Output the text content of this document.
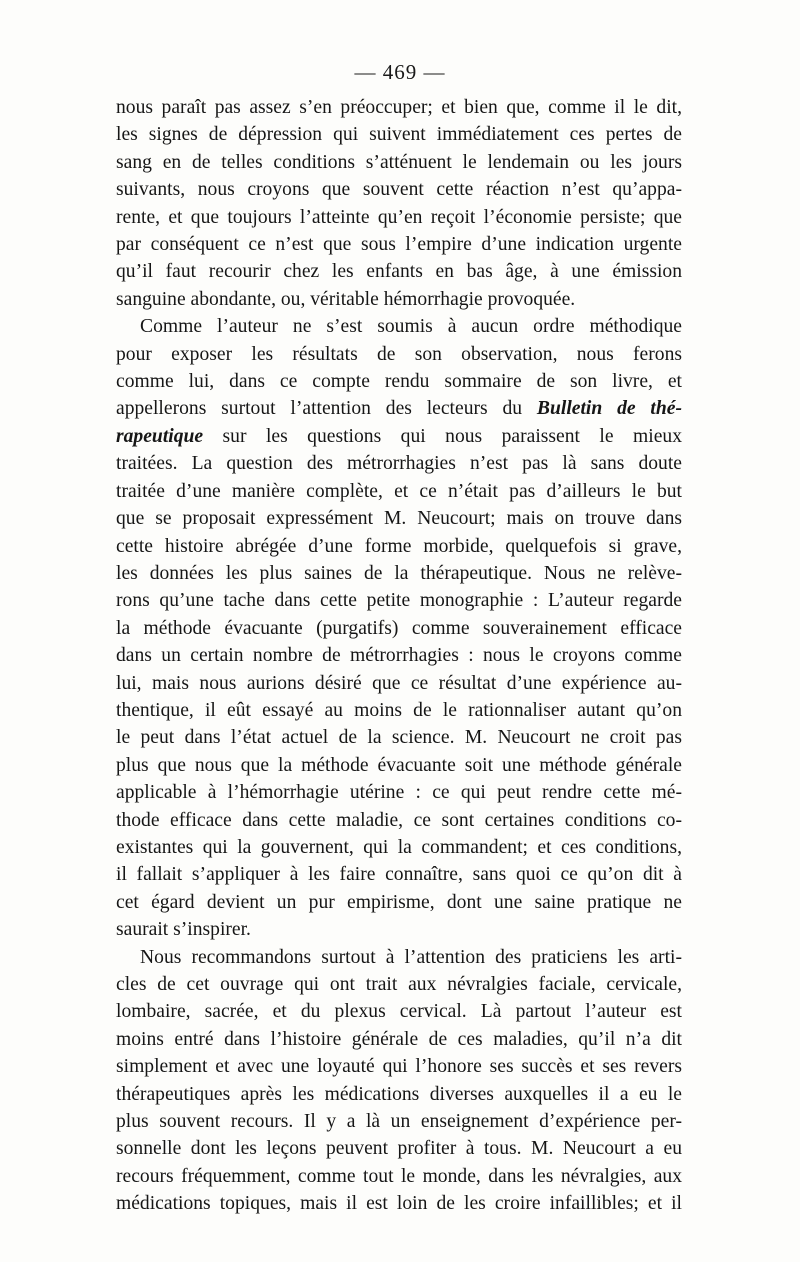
— 469 —
nous paraît pas assez s’en préoccuper; et bien que, comme il le dit,
les signes de dépression qui suivent immédiatement ces pertes de
sang en de telles conditions s’atténuent le lendemain ou les jours
suivants, nous croyons que souvent cette réaction n’est qu’appa-
rente, et que toujours l’atteinte qu’en reçoit l’économie persiste; que
par conséquent ce n’est que sous l’empire d’une indication urgente
qu’il faut recourir chez les enfants en bas âge, à une émission
sanguine abondante, ou, véritable hémorrhagie provoquée.
Comme l’auteur ne s’est soumis à aucun ordre méthodique
pour exposer les résultats de son observation, nous ferons
comme lui, dans ce compte rendu sommaire de son livre, et
appellerons surtout l’attention des lecteurs du Bulletin de thé-
rapeutique sur les questions qui nous paraissent le mieux
traitées. La question des métrorrhagies n’est pas là sans doute
traitée d’une manière complète, et ce n’était pas d’ailleurs le but
que se proposait expressément M. Neucourt; mais on trouve dans
cette histoire abrégée d’une forme morbide, quelquefois si grave,
les données les plus saines de la thérapeutique. Nous ne relève-
rons qu’une tache dans cette petite monographie : L’auteur regarde
la méthode évacuante (purgatifs) comme souverainement efficace
dans un certain nombre de métrorrhagies : nous le croyons comme
lui, mais nous aurions désiré que ce résultat d’une expérience au-
thentique, il eût essayé au moins de le rationnaliser autant qu’on
le peut dans l’état actuel de la science. M. Neucourt ne croit pas
plus que nous que la méthode évacuante soit une méthode générale
applicable à l’hémorrhagie utérine : ce qui peut rendre cette mé-
thode efficace dans cette maladie, ce sont certaines conditions co-
existantes qui la gouvernent, qui la commandent; et ces conditions,
il fallait s’appliquer à les faire connaître, sans quoi ce qu’on dit à
cet égard devient un pur empirisme, dont une saine pratique ne
saurait s’inspirer.
Nous recommandons surtout à l’attention des praticiens les arti-
cles de cet ouvrage qui ont trait aux névralgies faciale, cervicale,
lombaire, sacrée, et du plexus cervical. Là partout l’auteur est
moins entré dans l’histoire générale de ces maladies, qu’il n’a dit
simplement et avec une loyauté qui l’honore ses succès et ses revers
thérapeutiques après les médications diverses auxquelles il a eu le
plus souvent recours. Il y a là un enseignement d’expérience per-
sonnelle dont les leçons peuvent profiter à tous. M. Neucourt a eu
recours fréquemment, comme tout le monde, dans les névralgies, aux
médications topiques, mais il est loin de les croire infaillibles; et il
